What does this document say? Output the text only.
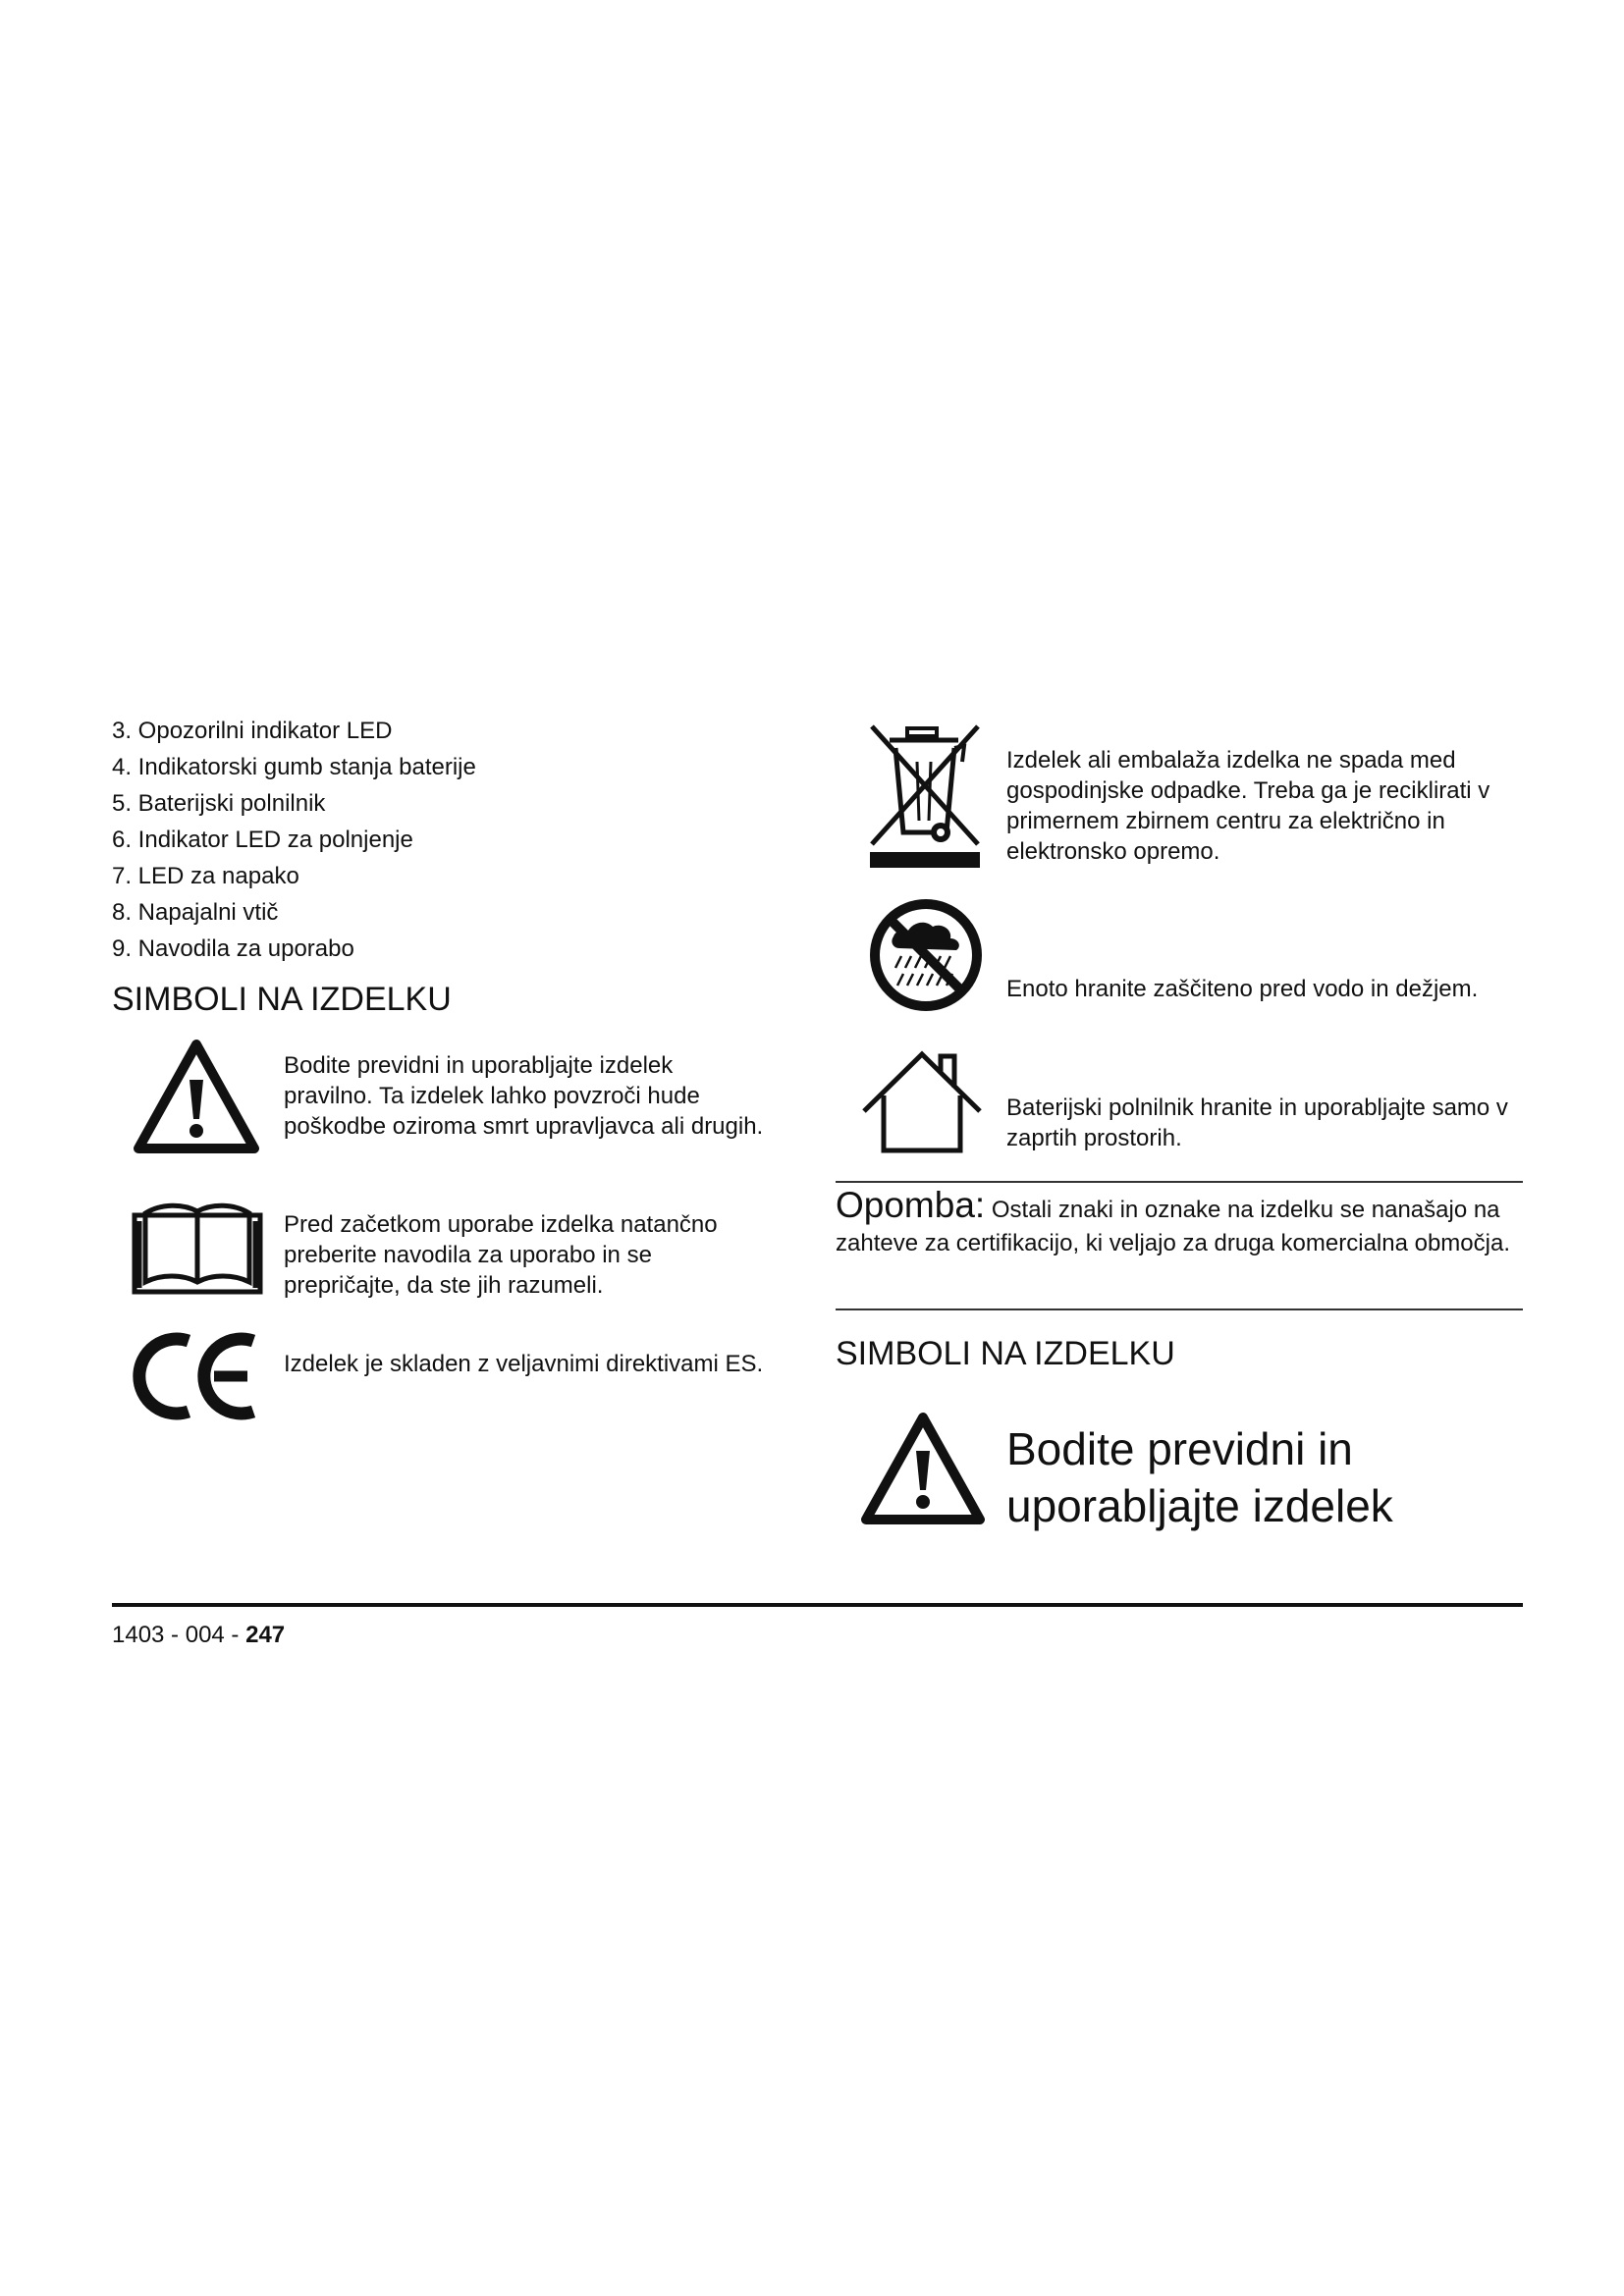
3. Opozorilni indikator LED
4. Indikatorski gumb stanja baterije
5. Baterijski polnilnik
6. Indikator LED za polnjenje
7. LED za napako
8. Napajalni vtič
9. Navodila za uporabo
SIMBOLI NA IZDELKU
Bodite previdni in uporabljajte izdelek pravilno. Ta izdelek lahko povzroči hude poškodbe oziroma smrt upravljavca ali drugih.
Pred začetkom uporabe izdelka natančno preberite navodila za uporabo in se prepričajte, da ste jih razumeli.
Izdelek je skladen z veljavnimi direktivami ES.
Izdelek ali embalaža izdelka ne spada med gospodinjske odpadke. Treba ga je reciklirati v primernem zbirnem centru za električno in elektronsko opremo.
Enoto hranite zaščiteno pred vodo in dežjem.
Baterijski polnilnik hranite in uporabljajte samo v zaprtih prostorih.
Opomba: Ostali znaki in oznake na izdelku se nanašajo na zahteve za certifikacijo, ki veljajo za druga komercialna območja.
SIMBOLI NA IZDELKU
Bodite previdni in uporabljajte izdelek
1403 - 004 - 247
